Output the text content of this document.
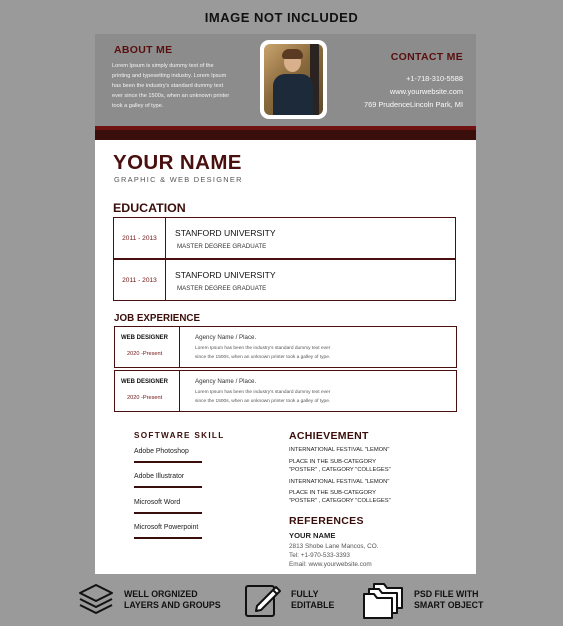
IMAGE NOT INCLUDED
ABOUT ME
Lorem Ipsum is simply dummy text of the
printing and typesetting industry. Lorem Ipsum
has been the industry's standard dummy text
ever since the 1500s, when an unknown printer
took a galley of type.
CONTACT ME
+1-718-310-5588
www.yourwebsite.com
769 PrudenceLincoln Park, MI
YOUR NAME
GRAPHIC & WEB DESIGNER
EDUCATION
2011 - 2013	STANFORD UNIVERSITY
MASTER DEGREE GRADUATE
2011 - 2013	STANFORD UNIVERSITY
MASTER DEGREE GRADUATE
JOB EXPERIENCE
WEB DESIGNER
2020 -Present
Agency Name / Place.
Lorem Ipsum has been the industry's standard dummy text ever
since the 1500s, when an unknown printer took a galley of type.
WEB DESIGNER
2020 -Present
Agency Name / Place.
Lorem Ipsum has been the industry's standard dummy text ever
since the 1500s, when an unknown printer took a galley of type.
SOFTWARE SKILL
Adobe Photoshop
Adobe Illustrator
Microsoft Word
Microsoft Powerpoint
ACHIEVEMENT
INTERNATIONAL FESTIVAL "LEMON"
PLACE IN THE SUB-CATEGORY
"POSTER" , CATEGORY "COLLEGES"
INTERNATIONAL FESTIVAL "LEMON"
PLACE IN THE SUB-CATEGORY
"POSTER" , CATEGORY "COLLEGES"
REFERENCES
YOUR NAME
2813 Shobe Lane Mancos, CO.
Tel: +1-970-533-3393
Email: www.yourwebsite.com
WELL ORGNIZED
LAYERS AND GROUPS
FULLY
EDITABLE
PSD FILE WITH
SMART OBJECT
